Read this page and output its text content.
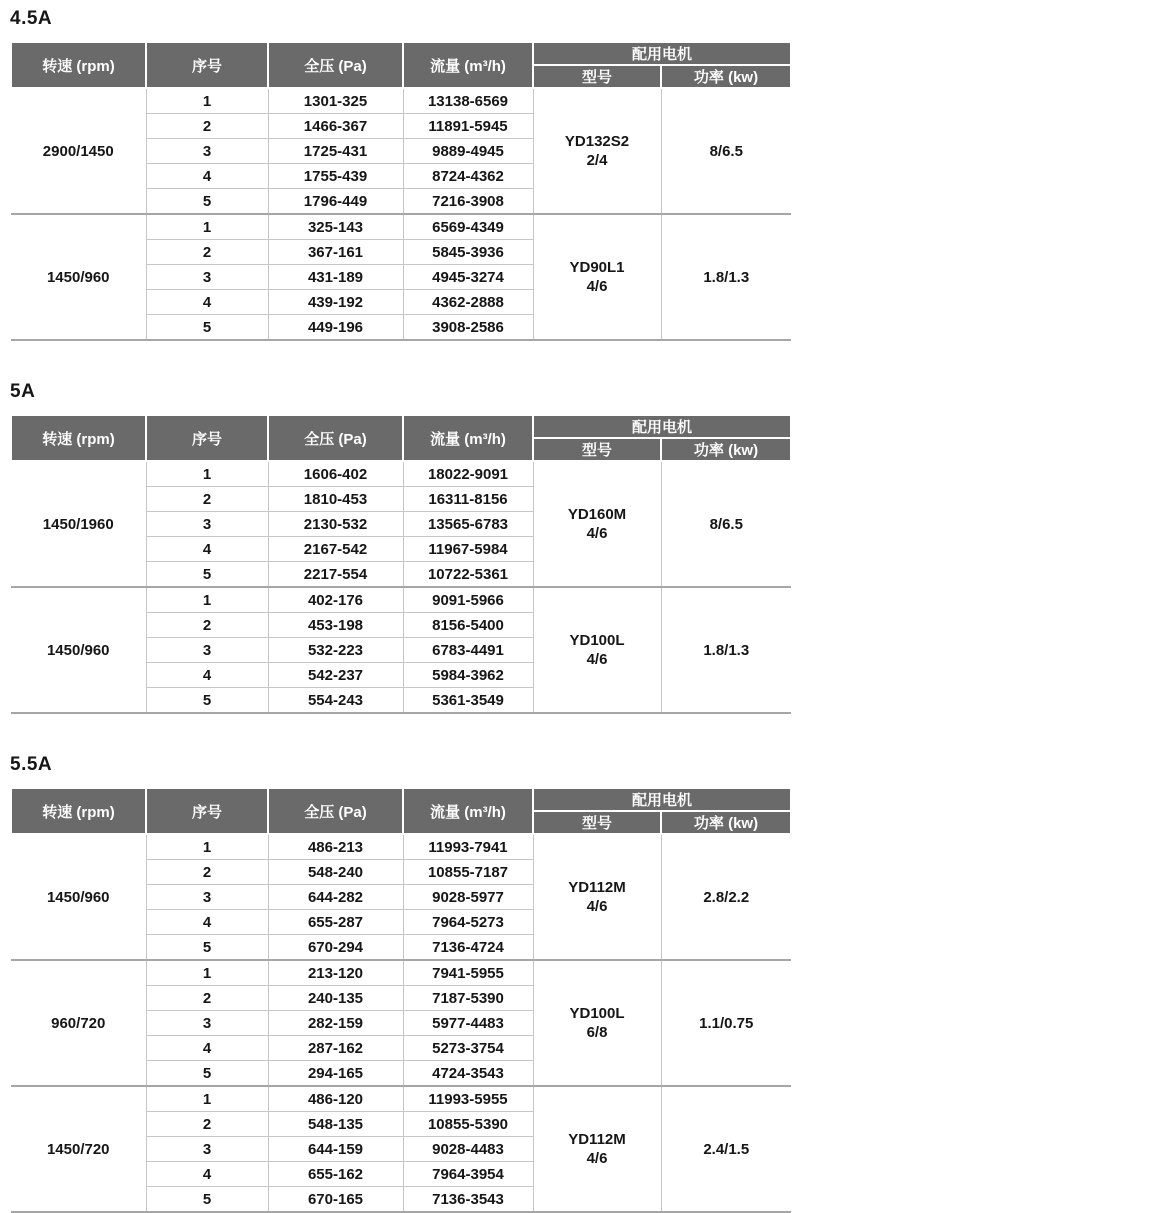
4.5A
转速 (rpm)	序号	全压 (Pa)	流量 (m³/h)	配用电机	
				型号	功率 (kw)
2900/1450	1	1301-325	13138-6569	YD132S2
2/4	8/6.5
	2	1466-367	11891-5945		
	3	1725-431	9889-4945		
	4	1755-439	8724-4362		
	5	1796-449	7216-3908		
1450/960	1	325-143	6569-4349	YD90L1
4/6	1.8/1.3
	2	367-161	5845-3936		
	3	431-189	4945-3274		
	4	439-192	4362-2888		
	5	449-196	3908-2586		
5A
转速 (rpm)	序号	全压 (Pa)	流量 (m³/h)	配用电机	
				型号	功率 (kw)
1450/1960	1	1606-402	18022-9091	YD160M
4/6	8/6.5
	2	1810-453	16311-8156		
	3	2130-532	13565-6783		
	4	2167-542	11967-5984		
	5	2217-554	10722-5361		
1450/960	1	402-176	9091-5966	YD100L
4/6	1.8/1.3
	2	453-198	8156-5400		
	3	532-223	6783-4491		
	4	542-237	5984-3962		
	5	554-243	5361-3549		
5.5A
转速 (rpm)	序号	全压 (Pa)	流量 (m³/h)	配用电机	
				型号	功率 (kw)
1450/960	1	486-213	11993-7941	YD112M
4/6	2.8/2.2
	2	548-240	10855-7187		
	3	644-282	9028-5977		
	4	655-287	7964-5273		
	5	670-294	7136-4724		
960/720	1	213-120	7941-5955	YD100L
6/8	1.1/0.75
	2	240-135	7187-5390		
	3	282-159	5977-4483		
	4	287-162	5273-3754		
	5	294-165	4724-3543		
1450/720	1	486-120	11993-5955	YD112M
4/6	2.4/1.5
	2	548-135	10855-5390		
	3	644-159	9028-4483		
	4	655-162	7964-3954		
	5	670-165	7136-3543		
